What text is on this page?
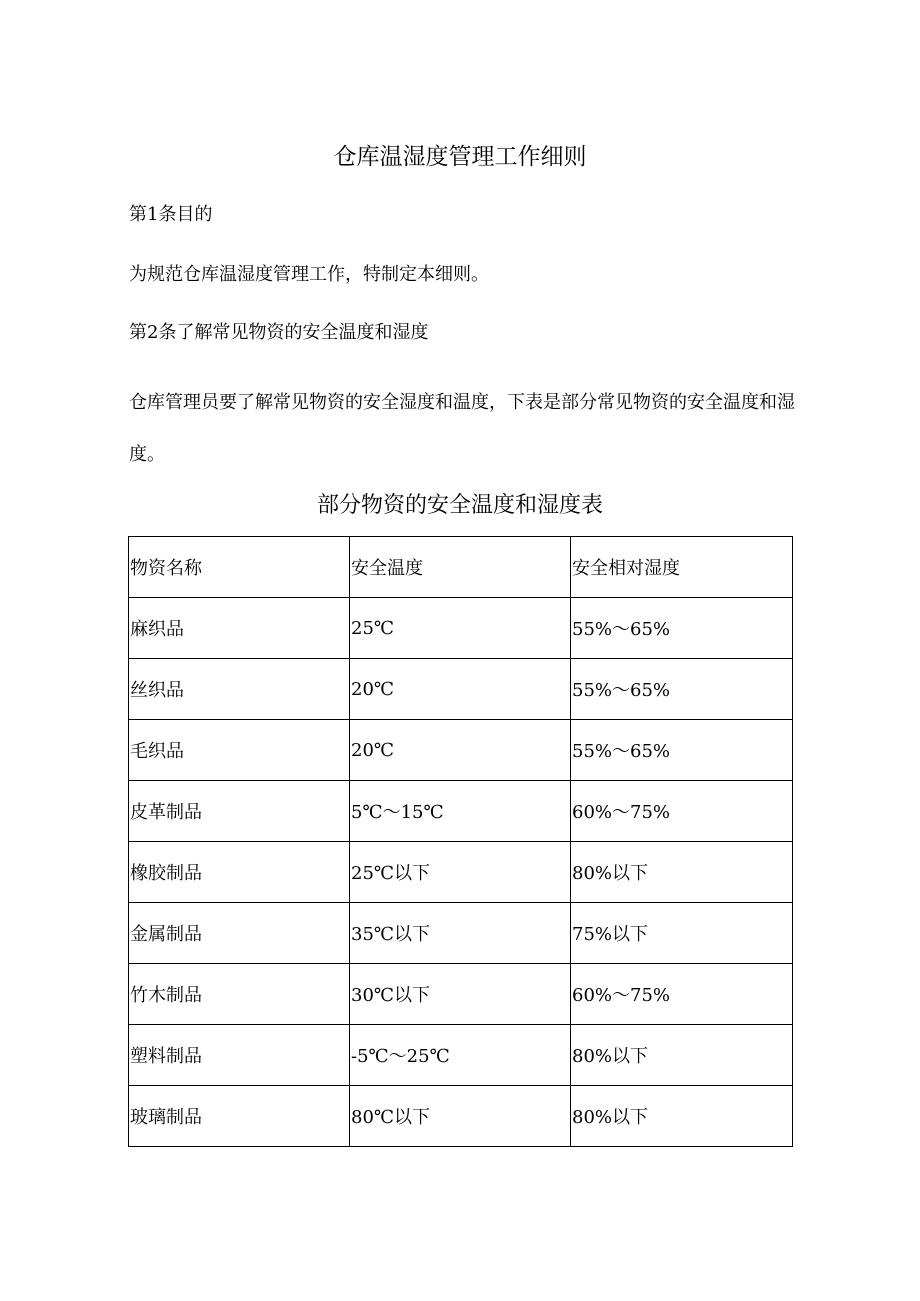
仓库温湿度管理工作细则

第1条目的

为规范仓库温湿度管理工作，特制定本细则。

第2条了解常见物资的安全温度和湿度

仓库管理员要了解常见物资的安全湿度和温度，下表是部分常见物资的安全温度和湿度。

部分物资的安全温度和湿度表
物资名称	安全温度	安全相对湿度
麻织品	25℃	55%～65%
丝织品	20℃	55%～65%
毛织品	20℃	55%～65%
皮革制品	5℃～15℃	60%～75%
橡胶制品	25℃以下	80%以下
金属制品	35℃以下	75%以下
竹木制品	30℃以下	60%～75%
塑料制品	-5℃～25℃	80%以下
玻璃制品	80℃以下	80%以下
